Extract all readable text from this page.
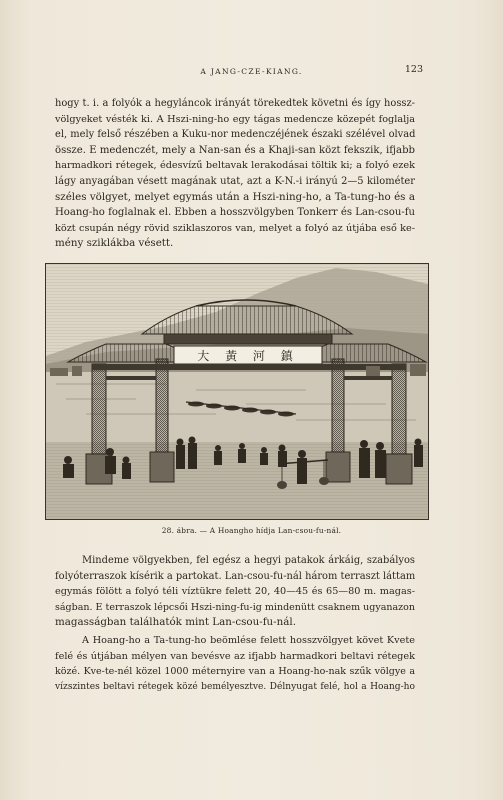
A JANG-CZE-KIANG.	123

hogy t. i. a folyók a hegyláncok irányát törekedtek követni és így hossz-
völgyeket vésték ki. A Hszi-ning-ho egy tágas medencze közepét foglalja
el, mely felső részében a Kuku-nor medenczéjének északi szélével olvad
össze. E medenczét, mely a Nan-san és a Khaji-san közt fekszik, ifjabb
harmadkori rétegek, édesvízű beltavak lerakodásai töltik ki; a folyó ezek
lágy anyagában vésett magának utat, azt a K-N.-i irányú 2—5 kilométer
széles völgyet, melyet egymás után a Hszi-ning-ho, a Ta-tung-ho és a
Hoang-ho foglalnak el. Ebben a hosszvölgyben Tonkerr és Lan-csou-fu
közt csupán négy rövid sziklaszoros van, melyet a folyó az útjába eső ke-
mény sziklákba vésett.

大 黃 河 鎮
28. ábra. — A Hoangho hídja Lan-csou-fu-nál.

Mindeme völgyekben, fel egész a hegyi patakok árkáig, szabályos
folyóterraszok kísérik a partokat. Lan-csou-fu-nál három terraszt láttam
egymás fölött a folyó téli víztükre felett 20, 40—45 és 65—80 m. magas-
ságban. E terraszok lépcsői Hszi-ning-fu-ig mindenütt csaknem ugyanazon
magasságban találhatók mint Lan-csou-fu-nál.

A Hoang-ho a Ta-tung-ho beömlése felett hosszvölgyet követ Kvete
felé és útjában mélyen van bevésve az ifjabb harmadkori beltavi rétegek
közé. Kve-te-nél közel 1000 méternyire van a Hoang-ho-nak szűk völgye a
vízszintes beltavi rétegek közé bemélyesztve. Délnyugat felé, hol a Hoang-ho
